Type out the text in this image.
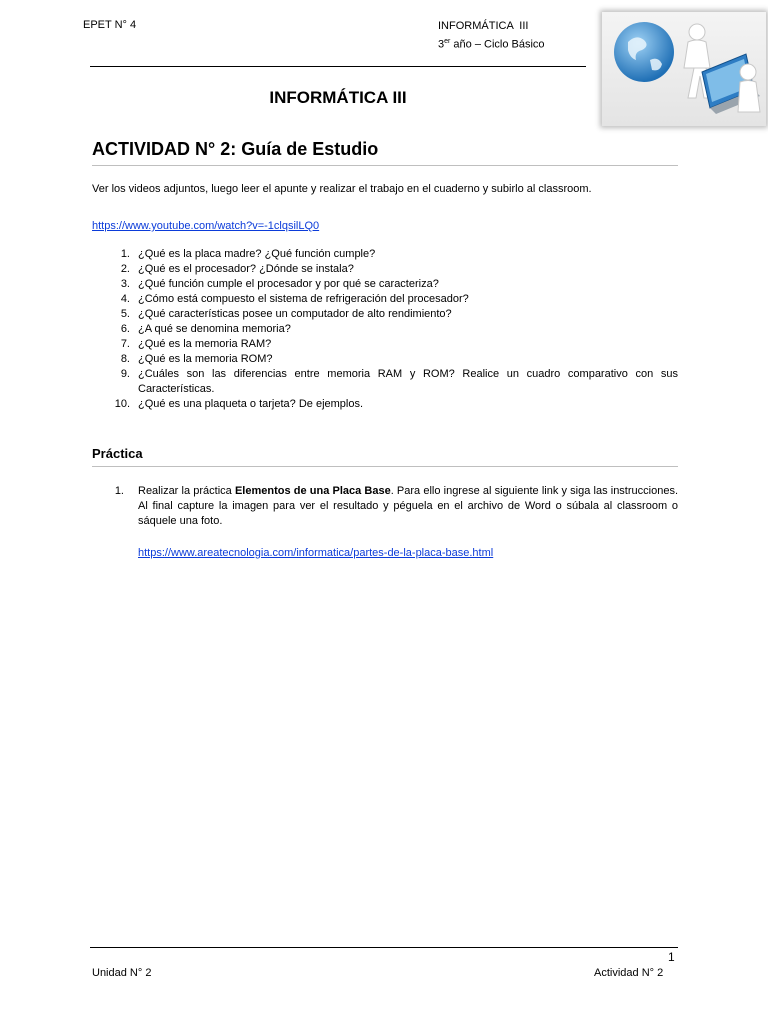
EPET N° 4	INFORMÁTICA  III
3er año – Ciclo Básico
INFORMÁTICA III
ACTIVIDAD N° 2: Guía de Estudio
Ver los videos adjuntos, luego leer el apunte y realizar el trabajo en el cuaderno y subirlo al classroom.
https://www.youtube.com/watch?v=-1clqsilLQ0
1. ¿Qué es la placa madre? ¿Qué función cumple?
2. ¿Qué es el procesador? ¿Dónde se instala?
3. ¿Qué función cumple el procesador y por qué se caracteriza?
4. ¿Cómo está compuesto el sistema de refrigeración del procesador?
5. ¿Qué características posee un computador de alto rendimiento?
6. ¿A qué se denomina memoria?
7. ¿Qué es la memoria RAM?
8. ¿Qué es la memoria ROM?
9. ¿Cuáles son las diferencias entre memoria RAM y ROM? Realice un cuadro comparativo con sus Características.
10. ¿Qué es una plaqueta o tarjeta? De ejemplos.
Práctica
1. Realizar la práctica Elementos de una Placa Base. Para ello ingrese al siguiente link y siga las instrucciones. Al final capture la imagen para ver el resultado y péguela en el archivo de Word o súbala al classroom o sáquele una foto.
https://www.areatecnologia.com/informatica/partes-de-la-placa-base.html
1
Unidad N° 2	Actividad N° 2
